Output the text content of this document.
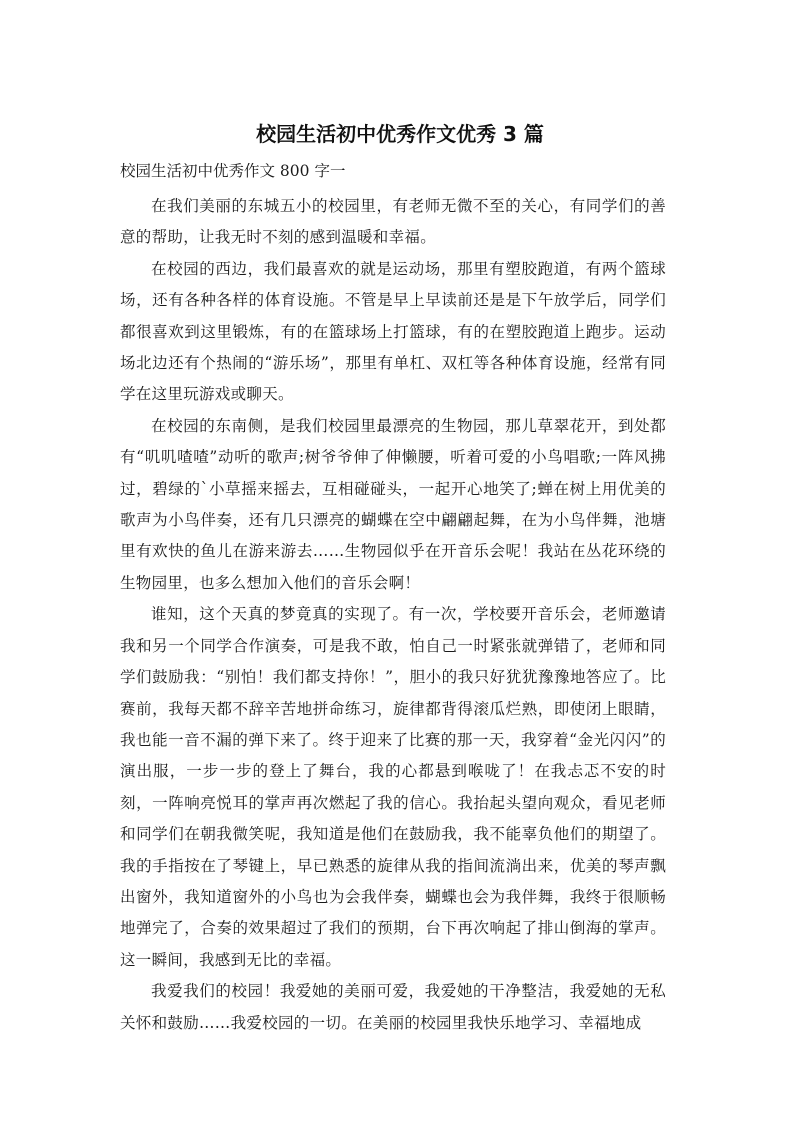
校园生活初中优秀作文优秀 3 篇

校园生活初中优秀作文 800 字一

在我们美丽的东城五小的校园里，有老师无微不至的关心，有同学们的善意的帮助，让我无时不刻的感到温暖和幸福。

在校园的西边，我们最喜欢的就是运动场，那里有塑胶跑道，有两个篮球场，还有各种各样的体育设施。不管是早上早读前还是是下午放学后，同学们都很喜欢到这里锻炼，有的在篮球场上打篮球，有的在塑胶跑道上跑步。运动场北边还有个热闹的“游乐场”，那里有单杠、双杠等各种体育设施，经常有同学在这里玩游戏或聊天。

在校园的东南侧，是我们校园里最漂亮的生物园，那儿草翠花开，到处都有“叽叽喳喳”动听的歌声;树爷爷伸了伸懒腰，听着可爱的小鸟唱歌;一阵风拂过，碧绿的`小草摇来摇去，互相碰碰头，一起开心地笑了;蝉在树上用优美的歌声为小鸟伴奏，还有几只漂亮的蝴蝶在空中翩翩起舞，在为小鸟伴舞，池塘里有欢快的鱼儿在游来游去……生物园似乎在开音乐会呢！我站在丛花环绕的生物园里，也多么想加入他们的音乐会啊！

谁知，这个天真的梦竟真的实现了。有一次，学校要开音乐会，老师邀请我和另一个同学合作演奏，可是我不敢，怕自己一时紧张就弹错了，老师和同学们鼓励我：“别怕！我们都支持你！”，胆小的我只好犹犹豫豫地答应了。比赛前，我每天都不辞辛苦地拼命练习，旋律都背得滚瓜烂熟，即使闭上眼睛，我也能一音不漏的弹下来了。终于迎来了比赛的那一天，我穿着“金光闪闪”的演出服，一步一步的登上了舞台，我的心都悬到喉咙了！在我忐忑不安的时刻，一阵响亮悦耳的掌声再次燃起了我的信心。我抬起头望向观众，看见老师和同学们在朝我微笑呢，我知道是他们在鼓励我，我不能辜负他们的期望了。我的手指按在了琴键上，早已熟悉的旋律从我的指间流淌出来，优美的琴声飘出窗外，我知道窗外的小鸟也为会我伴奏，蝴蝶也会为我伴舞，我终于很顺畅地弹完了，合奏的效果超过了我们的预期，台下再次响起了排山倒海的掌声。这一瞬间，我感到无比的幸福。

我爱我们的校园！我爱她的美丽可爱，我爱她的干净整洁，我爱她的无私关怀和鼓励……我爱校园的一切。在美丽的校园里我快乐地学习、幸福地成
